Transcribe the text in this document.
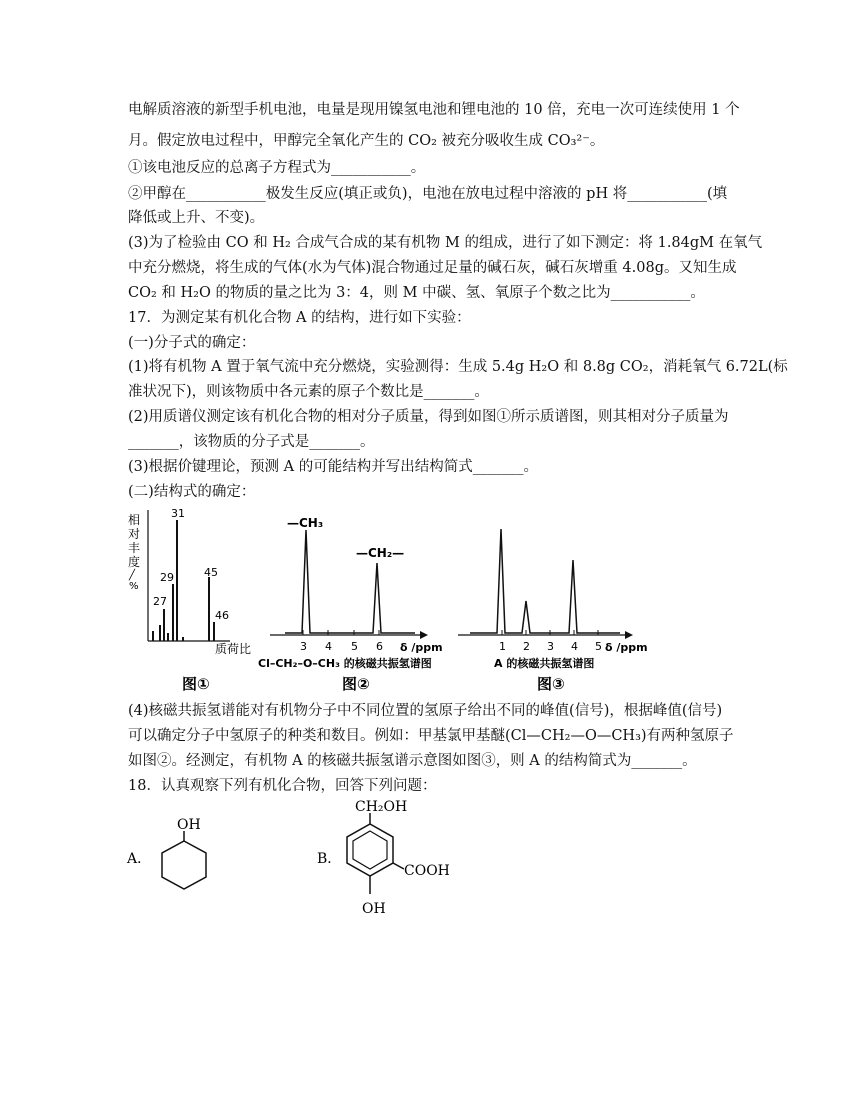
电解质溶液的新型手机电池，电量是现用镍氢电池和锂电池的 10 倍，充电一次可连续使用 1 个
月。假定放电过程中，甲醇完全氧化产生的 CO₂ 被充分吸收生成 CO₃²⁻。
①该电池反应的总离子方程式为___________。
②甲醇在___________极发生反应(填正或负)，电池在放电过程中溶液的 pH 将___________(填
降低或上升、不变)。
(3)为了检验由 CO 和 H₂ 合成气合成的某有机物 M 的组成，进行了如下测定：将 1.84gM 在氧气
中充分燃烧，将生成的气体(水为气体)混合物通过足量的碱石灰，碱石灰增重 4.08g。又知生成
CO₂ 和 H₂O 的物质的量之比为 3：4，则 M 中碳、氢、氧原子个数之比为___________。
17．为测定某有机化合物 A 的结构，进行如下实验：
(一)分子式的确定：
(1)将有机物 A 置于氧气流中充分燃烧，实验测得：生成 5.4g H₂O 和 8.8g CO₂，消耗氧气 6.72L(标
准状况下)，则该物质中各元素的原子个数比是_______。
(2)用质谱仪测定该有机化合物的相对分子质量，得到如图①所示质谱图，则其相对分子质量为
_______，该物质的分子式是_______。
(3)根据价键理论，预测 A 的可能结构并写出结构简式_______。
(二)结构式的确定：
相
对
丰
度
╱
%
31
29
27
45
46
质荷比
图①
—CH₃
—CH₂—
3 4 5 6 δ /ppm
Cl–CH₂–O–CH₃ 的核磁共振氢谱图
图②
1 2 3 4 5 δ /ppm
A 的核磁共振氢谱图
图③
(4)核磁共振氢谱能对有机物分子中不同位置的氢原子给出不同的峰值(信号)，根据峰值(信号)
可以确定分子中氢原子的种类和数目。例如：甲基氯甲基醚(Cl—CH₂—O—CH₃)有两种氢原子
如图②。经测定，有机物 A 的核磁共振氢谱示意图如图③，则 A 的结构简式为_______。
18．认真观察下列有机化合物，回答下列问题：
A．
OH
B．
CH₂OH
COOH
OH
